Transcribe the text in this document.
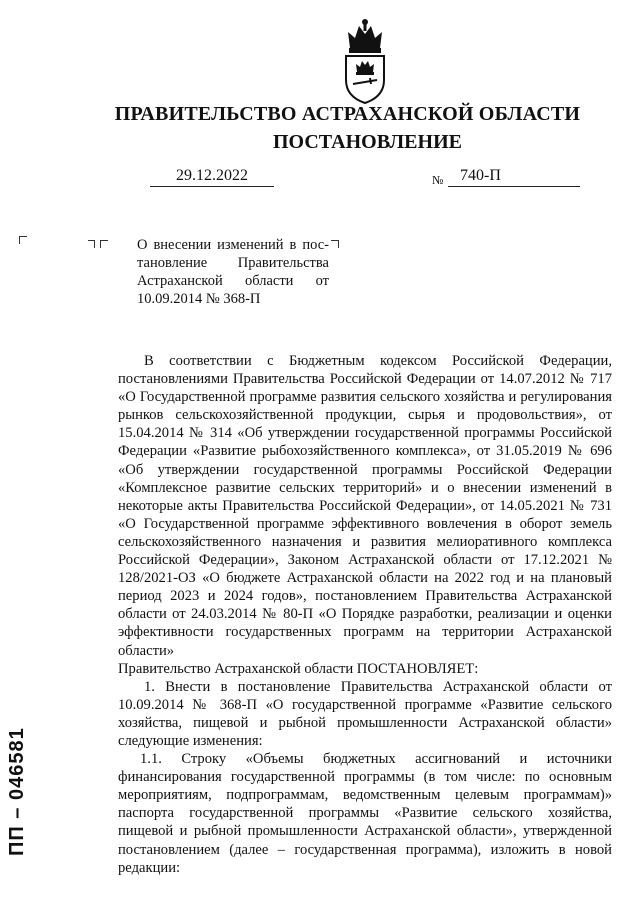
ПРАВИТЕЛЬСТВО АСТРАХАНСКОЙ ОБЛАСТИ
ПОСТАНОВЛЕНИЕ
29.12.2022	№ 740-П
О внесении изменений в пос-
тановление Правительства
Астраханской области от
10.09.2014 № 368-П

В соответствии с Бюджетным кодексом Российской Федерации, постановлениями Правительства Российской Федерации от 14.07.2012 № 717 «О Государственной программе развития сельского хозяйства и регулирования рынков сельскохозяйственной продукции, сырья и продовольствия», от 15.04.2014 № 314 «Об утверждении государственной программы Российской Федерации «Развитие рыбохозяйственного комплекса», от 31.05.2019 № 696 «Об утверждении государственной программы Российской Федерации «Комплексное развитие сельских территорий» и о внесении изменений в некоторые акты Правительства Российской Федерации», от 14.05.2021 № 731 «О Государственной программе эффективного вовлечения в оборот земель сельскохозяйственного назначения и развития мелиоративного комплекса Российской Федерации», Законом Астраханской области от 17.12.2021 № 128/2021-ОЗ «О бюджете Астраханской области на 2022 год и на плановый период 2023 и 2024 годов», постановлением Правительства Астраханской области от 24.03.2014 № 80-П «О Порядке разработки, реализации и оценки эффективности государственных программ на территории Астраханской области»

Правительство Астраханской области ПОСТАНОВЛЯЕТ:

1. Внести в постановление Правительства Астраханской области от 10.09.2014 № 368-П «О государственной программе «Развитие сельского хозяйства, пищевой и рыбной промышленности Астраханской области» следующие изменения:

1.1. Строку «Объемы бюджетных ассигнований и источники финансирования государственной программы (в том числе: по основным мероприятиям, подпрограммам, ведомственным целевым программам)» паспорта государственной программы «Развитие сельского хозяйства, пищевой и рыбной промышленности Астраханской области», утвержденной постановлением (далее – государственная программа), изложить в новой редакции:

ПП – 046581
